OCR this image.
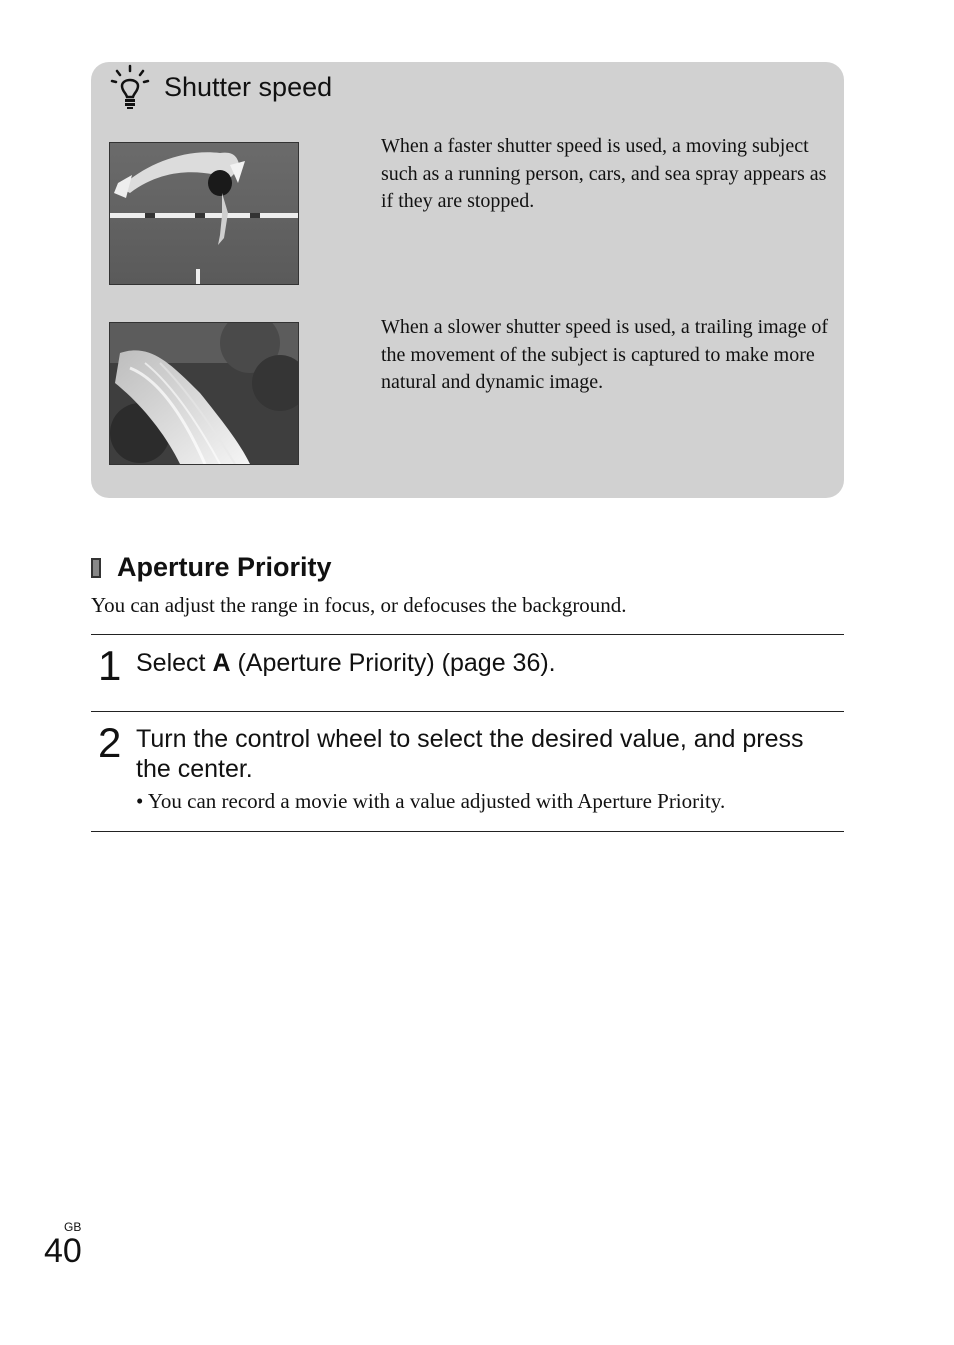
Shutter speed
When a faster shutter speed is used, a moving subject such as a running person, cars, and sea spray appears as if they are stopped.
When a slower shutter speed is used, a trailing image of the movement of the subject is captured to make more natural and dynamic image.
Aperture Priority
You can adjust the range in focus, or defocuses the background.
1 Select A (Aperture Priority) (page 36).
2 Turn the control wheel to select the desired value, and press the center.
• You can record a movie with a value adjusted with Aperture Priority.
GB
40
